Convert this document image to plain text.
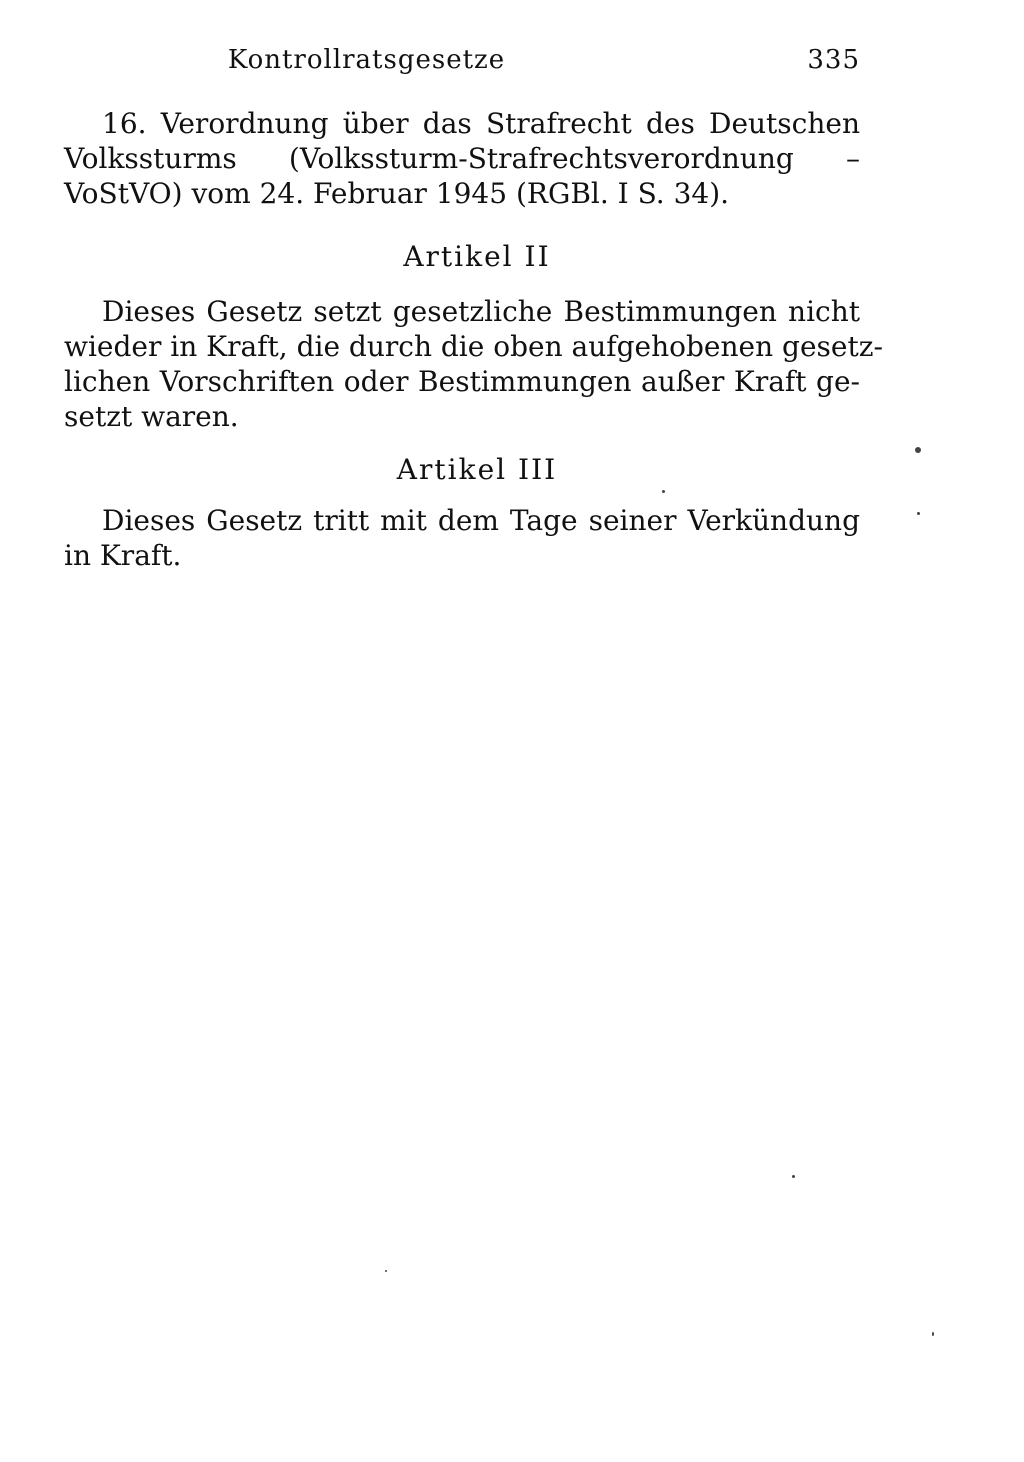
Kontrollratsgesetze	335
16. Verordnung über das Strafrecht des Deutschen
Volkssturms (Volkssturm-Strafrechtsverordnung –
VoStVO) vom 24. Februar 1945 (RGBl. I S. 34).
Artikel II
Dieses Gesetz setzt gesetzliche Bestimmungen nicht
wieder in Kraft, die durch die oben aufgehobenen gesetz-
lichen Vorschriften oder Bestimmungen außer Kraft ge-
setzt waren.
Artikel III
Dieses Gesetz tritt mit dem Tage seiner Verkündung
in Kraft.
